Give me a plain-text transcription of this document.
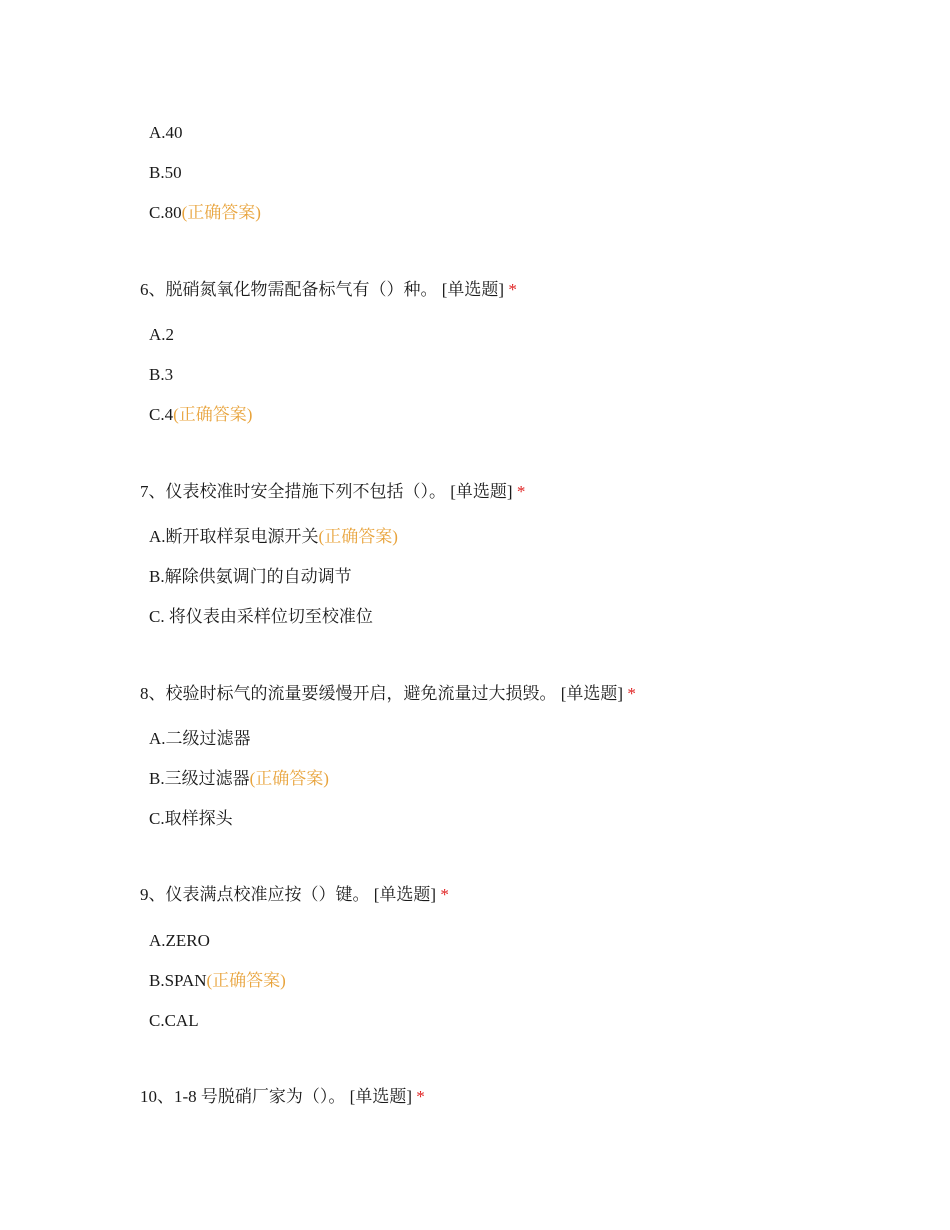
A.40
B.50
C.80(正确答案)
6、脱硝氮氧化物需配备标气有（）种。 [单选题] *
A.2
B.3
C.4(正确答案)
7、仪表校准时安全措施下列不包括（）。 [单选题] *
A.断开取样泵电源开关(正确答案)
B.解除供氨调门的自动调节
C. 将仪表由采样位切至校准位
8、校验时标气的流量要缓慢开启，避免流量过大损毁。 [单选题] *
A.二级过滤器
B.三级过滤器(正确答案)
C.取样探头
9、仪表满点校准应按（）键。 [单选题] *
A.ZERO
B.SPAN(正确答案)
C.CAL
10、1-8 号脱硝厂家为（）。 [单选题] *
